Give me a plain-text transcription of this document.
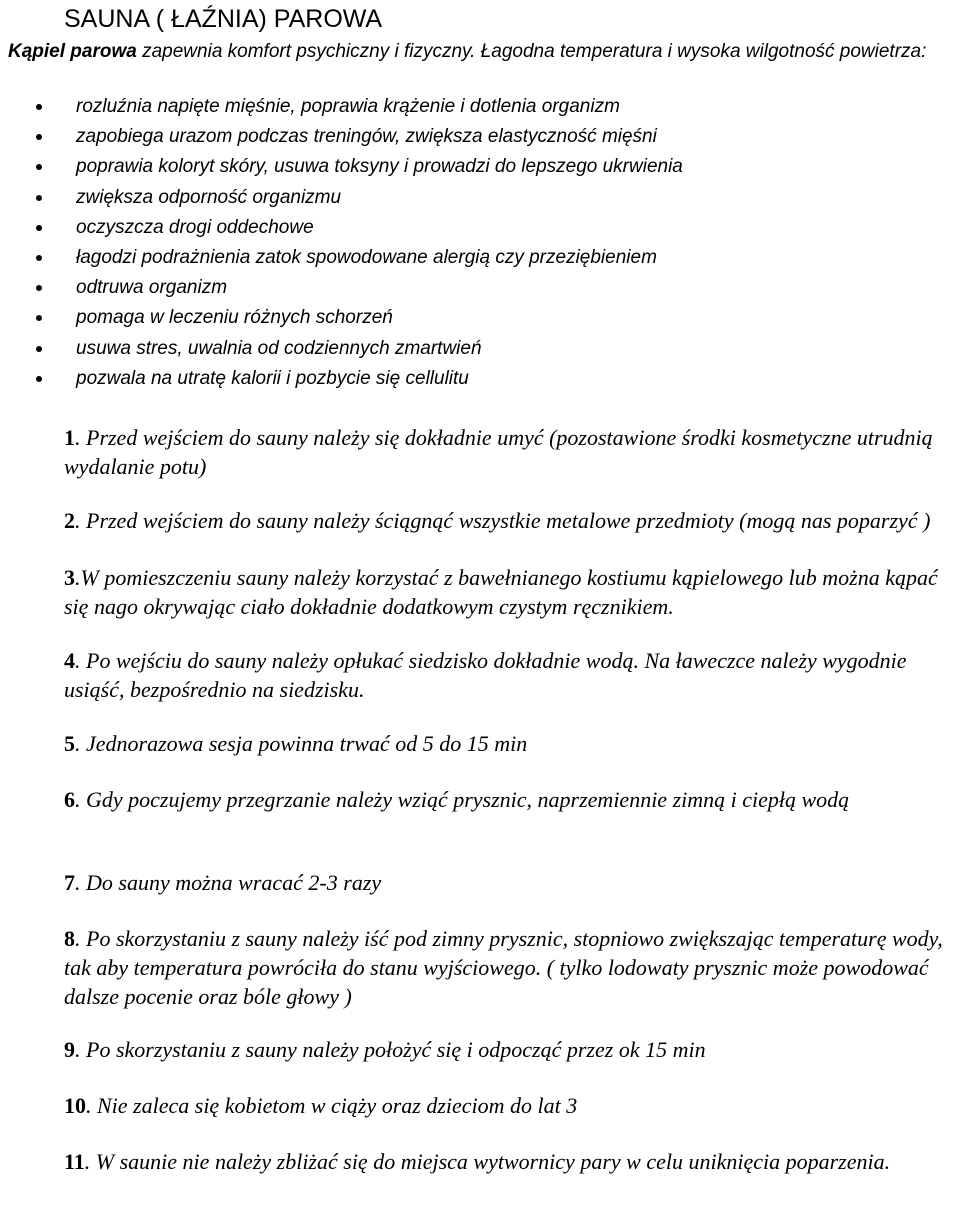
SAUNA ( ŁAŹNIA) PAROWA
Kąpiel parowa zapewnia komfort psychiczny i fizyczny. Łagodna temperatura i wysoka wilgotność powietrza:
rozluźnia napięte mięśnie, poprawia krążenie i dotlenia organizm
zapobiega urazom podczas treningów, zwiększa elastyczność mięśni
poprawia koloryt skóry, usuwa toksyny i prowadzi do lepszego ukrwienia
zwiększa odporność organizmu
oczyszcza drogi oddechowe
łagodzi podrażnienia zatok spowodowane alergią czy przeziębieniem
odtruwa organizm
pomaga w leczeniu różnych schorzeń
usuwa stres, uwalnia od codziennych zmartwień
pozwala na utratę kalorii i pozbycie się cellulitu

1. Przed wejściem do sauny należy się dokładnie umyć (pozostawione środki kosmetyczne utrudnią wydalanie potu)

2. Przed wejściem do sauny należy ściągnąć wszystkie metalowe przedmioty (mogą nas poparzyć )

3.W pomieszczeniu sauny należy korzystać z bawełnianego kostiumu kąpielowego lub można kąpać się nago okrywając ciało dokładnie dodatkowym czystym ręcznikiem.

4. Po wejściu do sauny należy opłukać siedzisko dokładnie wodą. Na ławeczce należy wygodnie usiąść, bezpośrednio na siedzisku.

5. Jednorazowa sesja powinna trwać od 5 do 15 min

6. Gdy poczujemy przegrzanie należy wziąć prysznic, naprzemiennie zimną i ciepłą wodą

7. Do sauny można wracać 2-3 razy

8. Po skorzystaniu z sauny należy iść pod zimny prysznic, stopniowo zwiększając temperaturę wody, tak aby temperatura powróciła do stanu wyjściowego. ( tylko lodowaty prysznic może powodować dalsze pocenie oraz bóle głowy )

9. Po skorzystaniu z sauny należy położyć się i odpocząć przez ok 15 min

10. Nie zaleca się kobietom w ciąży oraz dzieciom do lat 3

11. W saunie nie należy zbliżać się do miejsca wytwornicy pary w celu uniknięcia poparzenia.
